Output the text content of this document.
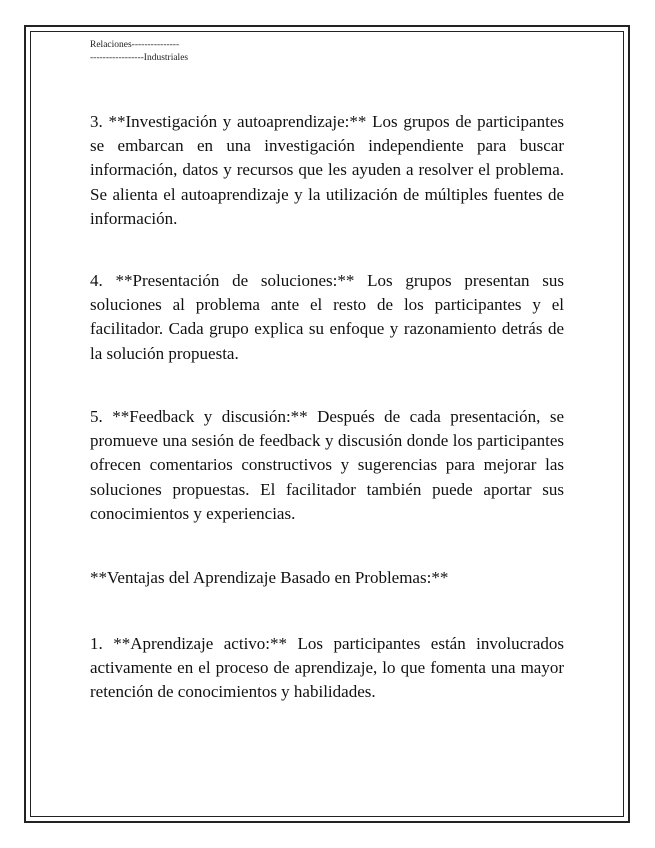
Relaciones---------------
-----------------Industriales

3. **Investigación y autoaprendizaje:** Los grupos de participantes se embarcan en una investigación independiente para buscar información, datos y recursos que les ayuden a resolver el problema. Se alienta el autoaprendizaje y la utilización de múltiples fuentes de información.

4. **Presentación de soluciones:** Los grupos presentan sus soluciones al problema ante el resto de los participantes y el facilitador. Cada grupo explica su enfoque y razonamiento detrás de la solución propuesta.

5. **Feedback y discusión:** Después de cada presentación, se promueve una sesión de feedback y discusión donde los participantes ofrecen comentarios constructivos y sugerencias para mejorar las soluciones propuestas. El facilitador también puede aportar sus conocimientos y experiencias.

**Ventajas del Aprendizaje Basado en Problemas:**

1. **Aprendizaje activo:** Los participantes están involucrados activamente en el proceso de aprendizaje, lo que fomenta una mayor retención de conocimientos y habilidades.
